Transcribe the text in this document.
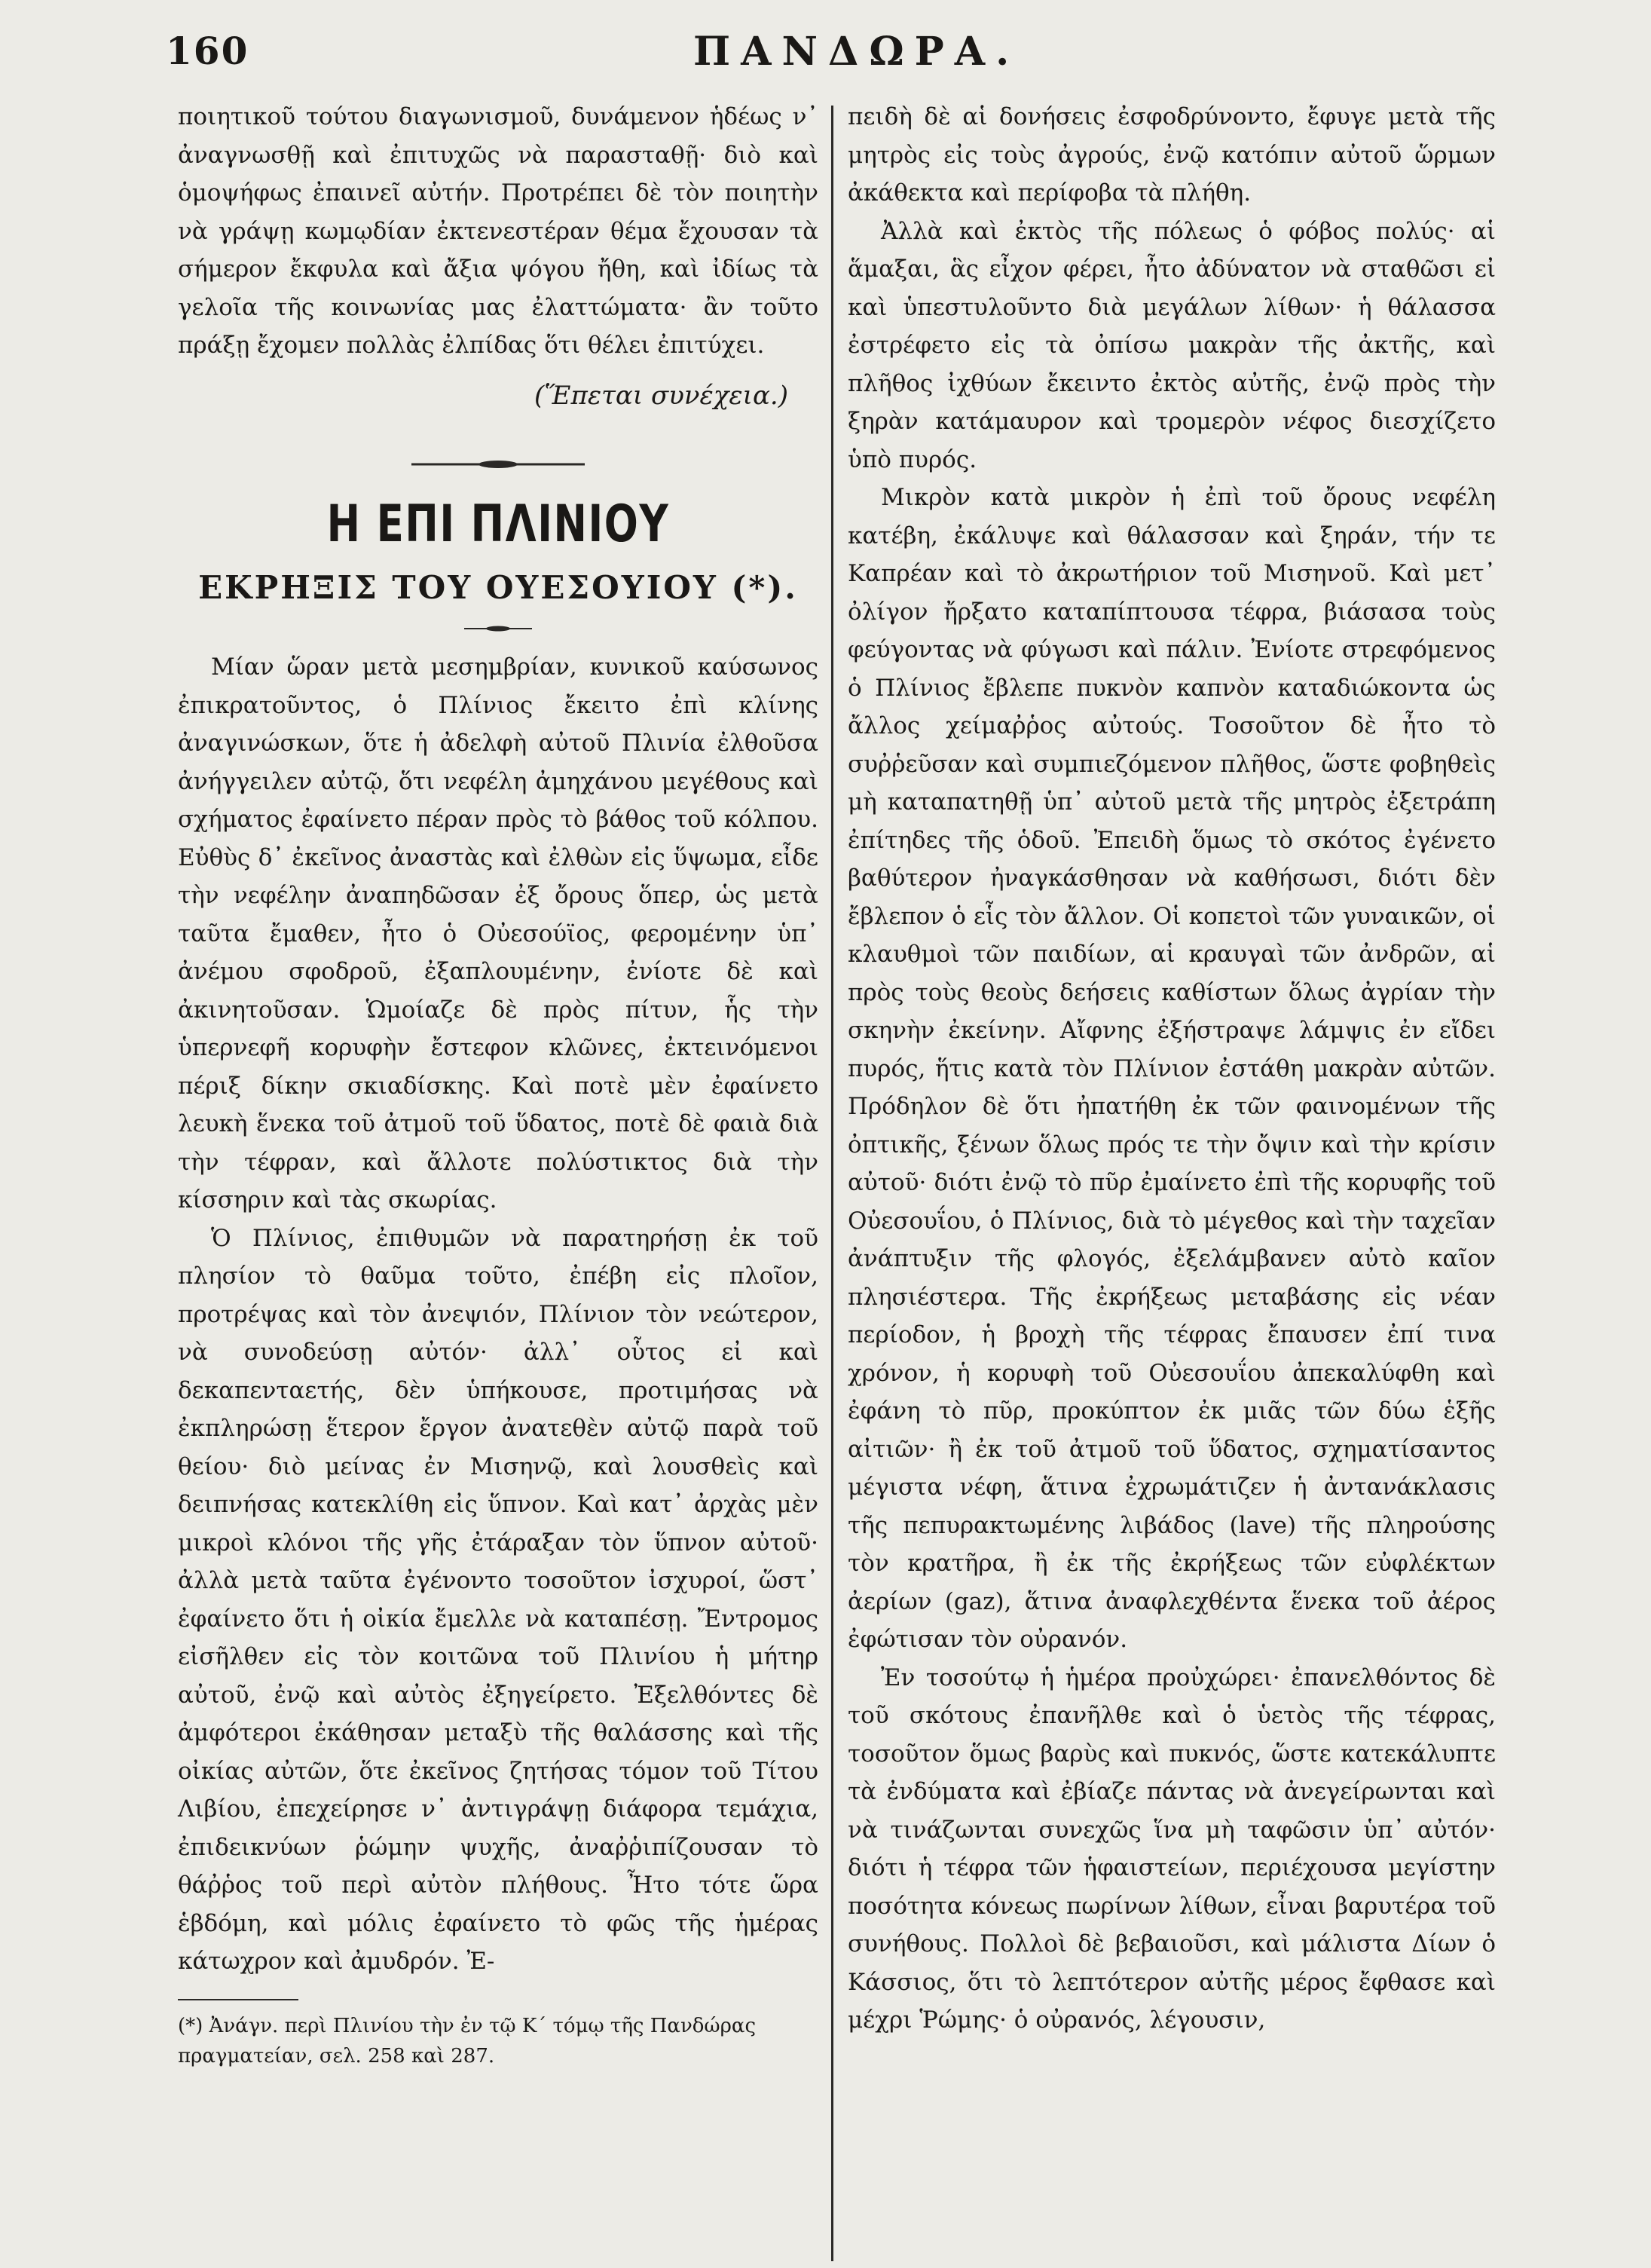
160	ΠΑΝΔΩΡΑ.

ποιητικοῦ τούτου διαγωνισμοῦ, δυνάμενον ἡδέως ν᾽ ἀναγνωσθῇ καὶ ἐπιτυχῶς νὰ παρασταθῇ· διὸ καὶ ὁμοψήφως ἐπαινεῖ αὐτήν. Προτρέπει δὲ τὸν ποιητὴν νὰ γράψῃ κωμῳδίαν ἐκτενεστέραν θέμα ἔχουσαν τὰ σήμερον ἔκφυλα καὶ ἄξια ψόγου ἤθη, καὶ ἰδίως τὰ γελοῖα τῆς κοινωνίας μας ἐλαττώματα· ἂν τοῦτο πράξῃ ἔχομεν πολλὰς ἐλπίδας ὅτι θέλει ἐπιτύχει.

(Ἕπεται συνέχεια.)

Η ΕΠΙ ΠΛΙΝΙΟΥ

ΕΚΡΗΞΙΣ ΤΟΥ ΟΥΕΣΟΥΙΟΥ (*).

Μίαν ὥραν μετὰ μεσημβρίαν, κυνικοῦ καύσωνος ἐπικρατοῦντος, ὁ Πλίνιος ἔκειτο ἐπὶ κλίνης ἀναγινώσκων, ὅτε ἡ ἀδελφὴ αὐτοῦ Πλινία ἐλθοῦσα ἀνήγγειλεν αὐτῷ, ὅτι νεφέλη ἀμηχάνου μεγέθους καὶ σχήματος ἐφαίνετο πέραν πρὸς τὸ βάθος τοῦ κόλπου. Εὐθὺς δ᾽ ἐκεῖνος ἀναστὰς καὶ ἐλθὼν εἰς ὕψωμα, εἶδε τὴν νεφέλην ἀναπηδῶσαν ἐξ ὄρους ὅπερ, ὡς μετὰ ταῦτα ἔμαθεν, ἦτο ὁ Οὐεσούϊος, φερομένην ὑπ᾽ ἀνέμου σφοδροῦ, ἐξαπλουμένην, ἐνίοτε δὲ καὶ ἀκινητοῦσαν. Ὡμοίαζε δὲ πρὸς πίτυν, ἧς τὴν ὑπερνεφῆ κορυφὴν ἔστεφον κλῶνες, ἐκτεινόμενοι πέριξ δίκην σκιαδίσκης. Καὶ ποτὲ μὲν ἐφαίνετο λευκὴ ἕνεκα τοῦ ἀτμοῦ τοῦ ὕδατος, ποτὲ δὲ φαιὰ διὰ τὴν τέφραν, καὶ ἄλλοτε πολύστικτος διὰ τὴν κίσσηριν καὶ τὰς σκωρίας.

Ὁ Πλίνιος, ἐπιθυμῶν νὰ παρατηρήσῃ ἐκ τοῦ πλησίον τὸ θαῦμα τοῦτο, ἐπέβη εἰς πλοῖον, προτρέψας καὶ τὸν ἀνεψιόν, Πλίνιον τὸν νεώτερον, νὰ συνοδεύσῃ αὐτόν· ἀλλ᾽ οὗτος εἰ καὶ δεκαπενταετής, δὲν ὑπήκουσε, προτιμήσας νὰ ἐκπληρώσῃ ἕτερον ἔργον ἀνατεθὲν αὐτῷ παρὰ τοῦ θείου· διὸ μείνας ἐν Μισηνῷ, καὶ λουσθεὶς καὶ δειπνήσας κατεκλίθη εἰς ὕπνον. Καὶ κατ᾽ ἀρχὰς μὲν μικροὶ κλόνοι τῆς γῆς ἐτάραξαν τὸν ὕπνον αὐτοῦ· ἀλλὰ μετὰ ταῦτα ἐγένοντο τοσοῦτον ἰσχυροί, ὥστ᾽ ἐφαίνετο ὅτι ἡ οἰκία ἔμελλε νὰ καταπέσῃ. Ἔντρομος εἰσῆλθεν εἰς τὸν κοιτῶνα τοῦ Πλινίου ἡ μήτηρ αὐτοῦ, ἐνῷ καὶ αὐτὸς ἐξηγείρετο. Ἐξελθόντες δὲ ἀμφότεροι ἐκάθησαν μεταξὺ τῆς θαλάσσης καὶ τῆς οἰκίας αὐτῶν, ὅτε ἐκεῖνος ζητήσας τόμον τοῦ Τίτου Λιβίου, ἐπεχείρησε ν᾽ ἀντιγράψῃ διάφορα τεμάχια, ἐπιδεικνύων ῥώμην ψυχῆς, ἀναῤῥιπίζουσαν τὸ θάῤῥος τοῦ περὶ αὐτὸν πλήθους. Ἦτο τότε ὥρα ἑβδόμη, καὶ μόλις ἐφαίνετο τὸ φῶς τῆς ἡμέρας κάτωχρον καὶ ἀμυδρόν. Ἐ-

(*) Ἀνάγν. περὶ Πλινίου τὴν ἐν τῷ Κ΄ τόμῳ τῆς Πανδώρας πραγματείαν, σελ. 258 καὶ 287.

πειδὴ δὲ αἱ δονήσεις ἐσφοδρύνοντο, ἔφυγε μετὰ τῆς μητρὸς εἰς τοὺς ἀγρούς, ἐνῷ κατόπιν αὐτοῦ ὥρμων ἀκάθεκτα καὶ περίφοβα τὰ πλήθη.

Ἀλλὰ καὶ ἐκτὸς τῆς πόλεως ὁ φόβος πολύς· αἱ ἅμαξαι, ἃς εἶχον φέρει, ἦτο ἀδύνατον νὰ σταθῶσι εἰ καὶ ὑπεστυλοῦντο διὰ μεγάλων λίθων· ἡ θάλασσα ἐστρέφετο εἰς τὰ ὀπίσω μακρὰν τῆς ἀκτῆς, καὶ πλῆθος ἰχθύων ἔκειντο ἐκτὸς αὐτῆς, ἐνῷ πρὸς τὴν ξηρὰν κατάμαυρον καὶ τρομερὸν νέφος διεσχίζετο ὑπὸ πυρός.

Μικρὸν κατὰ μικρὸν ἡ ἐπὶ τοῦ ὄρους νεφέλη κατέβη, ἐκάλυψε καὶ θάλασσαν καὶ ξηράν, τήν τε Καπρέαν καὶ τὸ ἀκρωτήριον τοῦ Μισηνοῦ. Καὶ μετ᾽ ὀλίγον ἤρξατο καταπίπτουσα τέφρα, βιάσασα τοὺς φεύγοντας νὰ φύγωσι καὶ πάλιν. Ἐνίοτε στρεφόμενος ὁ Πλίνιος ἔβλεπε πυκνὸν καπνὸν καταδιώκοντα ὡς ἄλλος χείμαῤῥος αὐτούς. Τοσοῦτον δὲ ἦτο τὸ συῤῥεῦσαν καὶ συμπιεζόμενον πλῆθος, ὥστε φοβηθεὶς μὴ καταπατηθῇ ὑπ᾽ αὐτοῦ μετὰ τῆς μητρὸς ἐξετράπη ἐπίτηδες τῆς ὁδοῦ. Ἐπειδὴ ὅμως τὸ σκότος ἐγένετο βαθύτερον ἠναγκάσθησαν νὰ καθήσωσι, διότι δὲν ἔβλεπον ὁ εἷς τὸν ἄλλον. Οἱ κοπετοὶ τῶν γυναικῶν, οἱ κλαυθμοὶ τῶν παιδίων, αἱ κραυγαὶ τῶν ἀνδρῶν, αἱ πρὸς τοὺς θεοὺς δεήσεις καθίστων ὅλως ἀγρίαν τὴν σκηνὴν ἐκείνην. Αἴφνης ἐξήστραψε λάμψις ἐν εἴδει πυρός, ἥτις κατὰ τὸν Πλίνιον ἐστάθη μακρὰν αὐτῶν. Πρόδηλον δὲ ὅτι ἠπατήθη ἐκ τῶν φαινομένων τῆς ὀπτικῆς, ξένων ὅλως πρός τε τὴν ὄψιν καὶ τὴν κρίσιν αὐτοῦ· διότι ἐνῷ τὸ πῦρ ἐμαίνετο ἐπὶ τῆς κορυφῆς τοῦ Οὐεσουΐου, ὁ Πλίνιος, διὰ τὸ μέγεθος καὶ τὴν ταχεῖαν ἀνάπτυξιν τῆς φλογός, ἐξελάμβανεν αὐτὸ καῖον πλησιέστερα. Τῆς ἐκρήξεως μεταβάσης εἰς νέαν περίοδον, ἡ βροχὴ τῆς τέφρας ἔπαυσεν ἐπί τινα χρόνον, ἡ κορυφὴ τοῦ Οὐεσουΐου ἀπεκαλύφθη καὶ ἐφάνη τὸ πῦρ, προκύπτον ἐκ μιᾶς τῶν δύω ἑξῆς αἰτιῶν· ἢ ἐκ τοῦ ἀτμοῦ τοῦ ὕδατος, σχηματίσαντος μέγιστα νέφη, ἅτινα ἐχρωμάτιζεν ἡ ἀντανάκλασις τῆς πεπυρακτωμένης λιβάδος (lave) τῆς πληρούσης τὸν κρατῆρα, ἢ ἐκ τῆς ἐκρήξεως τῶν εὐφλέκτων ἀερίων (gaz), ἅτινα ἀναφλεχθέντα ἕνεκα τοῦ ἀέρος ἐφώτισαν τὸν οὐρανόν.

Ἐν τοσούτῳ ἡ ἡμέρα προὐχώρει· ἐπανελθόντος δὲ τοῦ σκότους ἐπανῆλθε καὶ ὁ ὑετὸς τῆς τέφρας, τοσοῦτον ὅμως βαρὺς καὶ πυκνός, ὥστε κατεκάλυπτε τὰ ἐνδύματα καὶ ἐβίαζε πάντας νὰ ἀνεγείρωνται καὶ νὰ τινάζωνται συνεχῶς ἵνα μὴ ταφῶσιν ὑπ᾽ αὐτόν· διότι ἡ τέφρα τῶν ἡφαιστείων, περιέχουσα μεγίστην ποσότητα κόνεως πωρίνων λίθων, εἶναι βαρυτέρα τοῦ συνήθους. Πολλοὶ δὲ βεβαιοῦσι, καὶ μάλιστα Δίων ὁ Κάσσιος, ὅτι τὸ λεπτότερον αὐτῆς μέρος ἔφθασε καὶ μέχρι Ῥώμης· ὁ οὐρανός, λέγουσιν,
